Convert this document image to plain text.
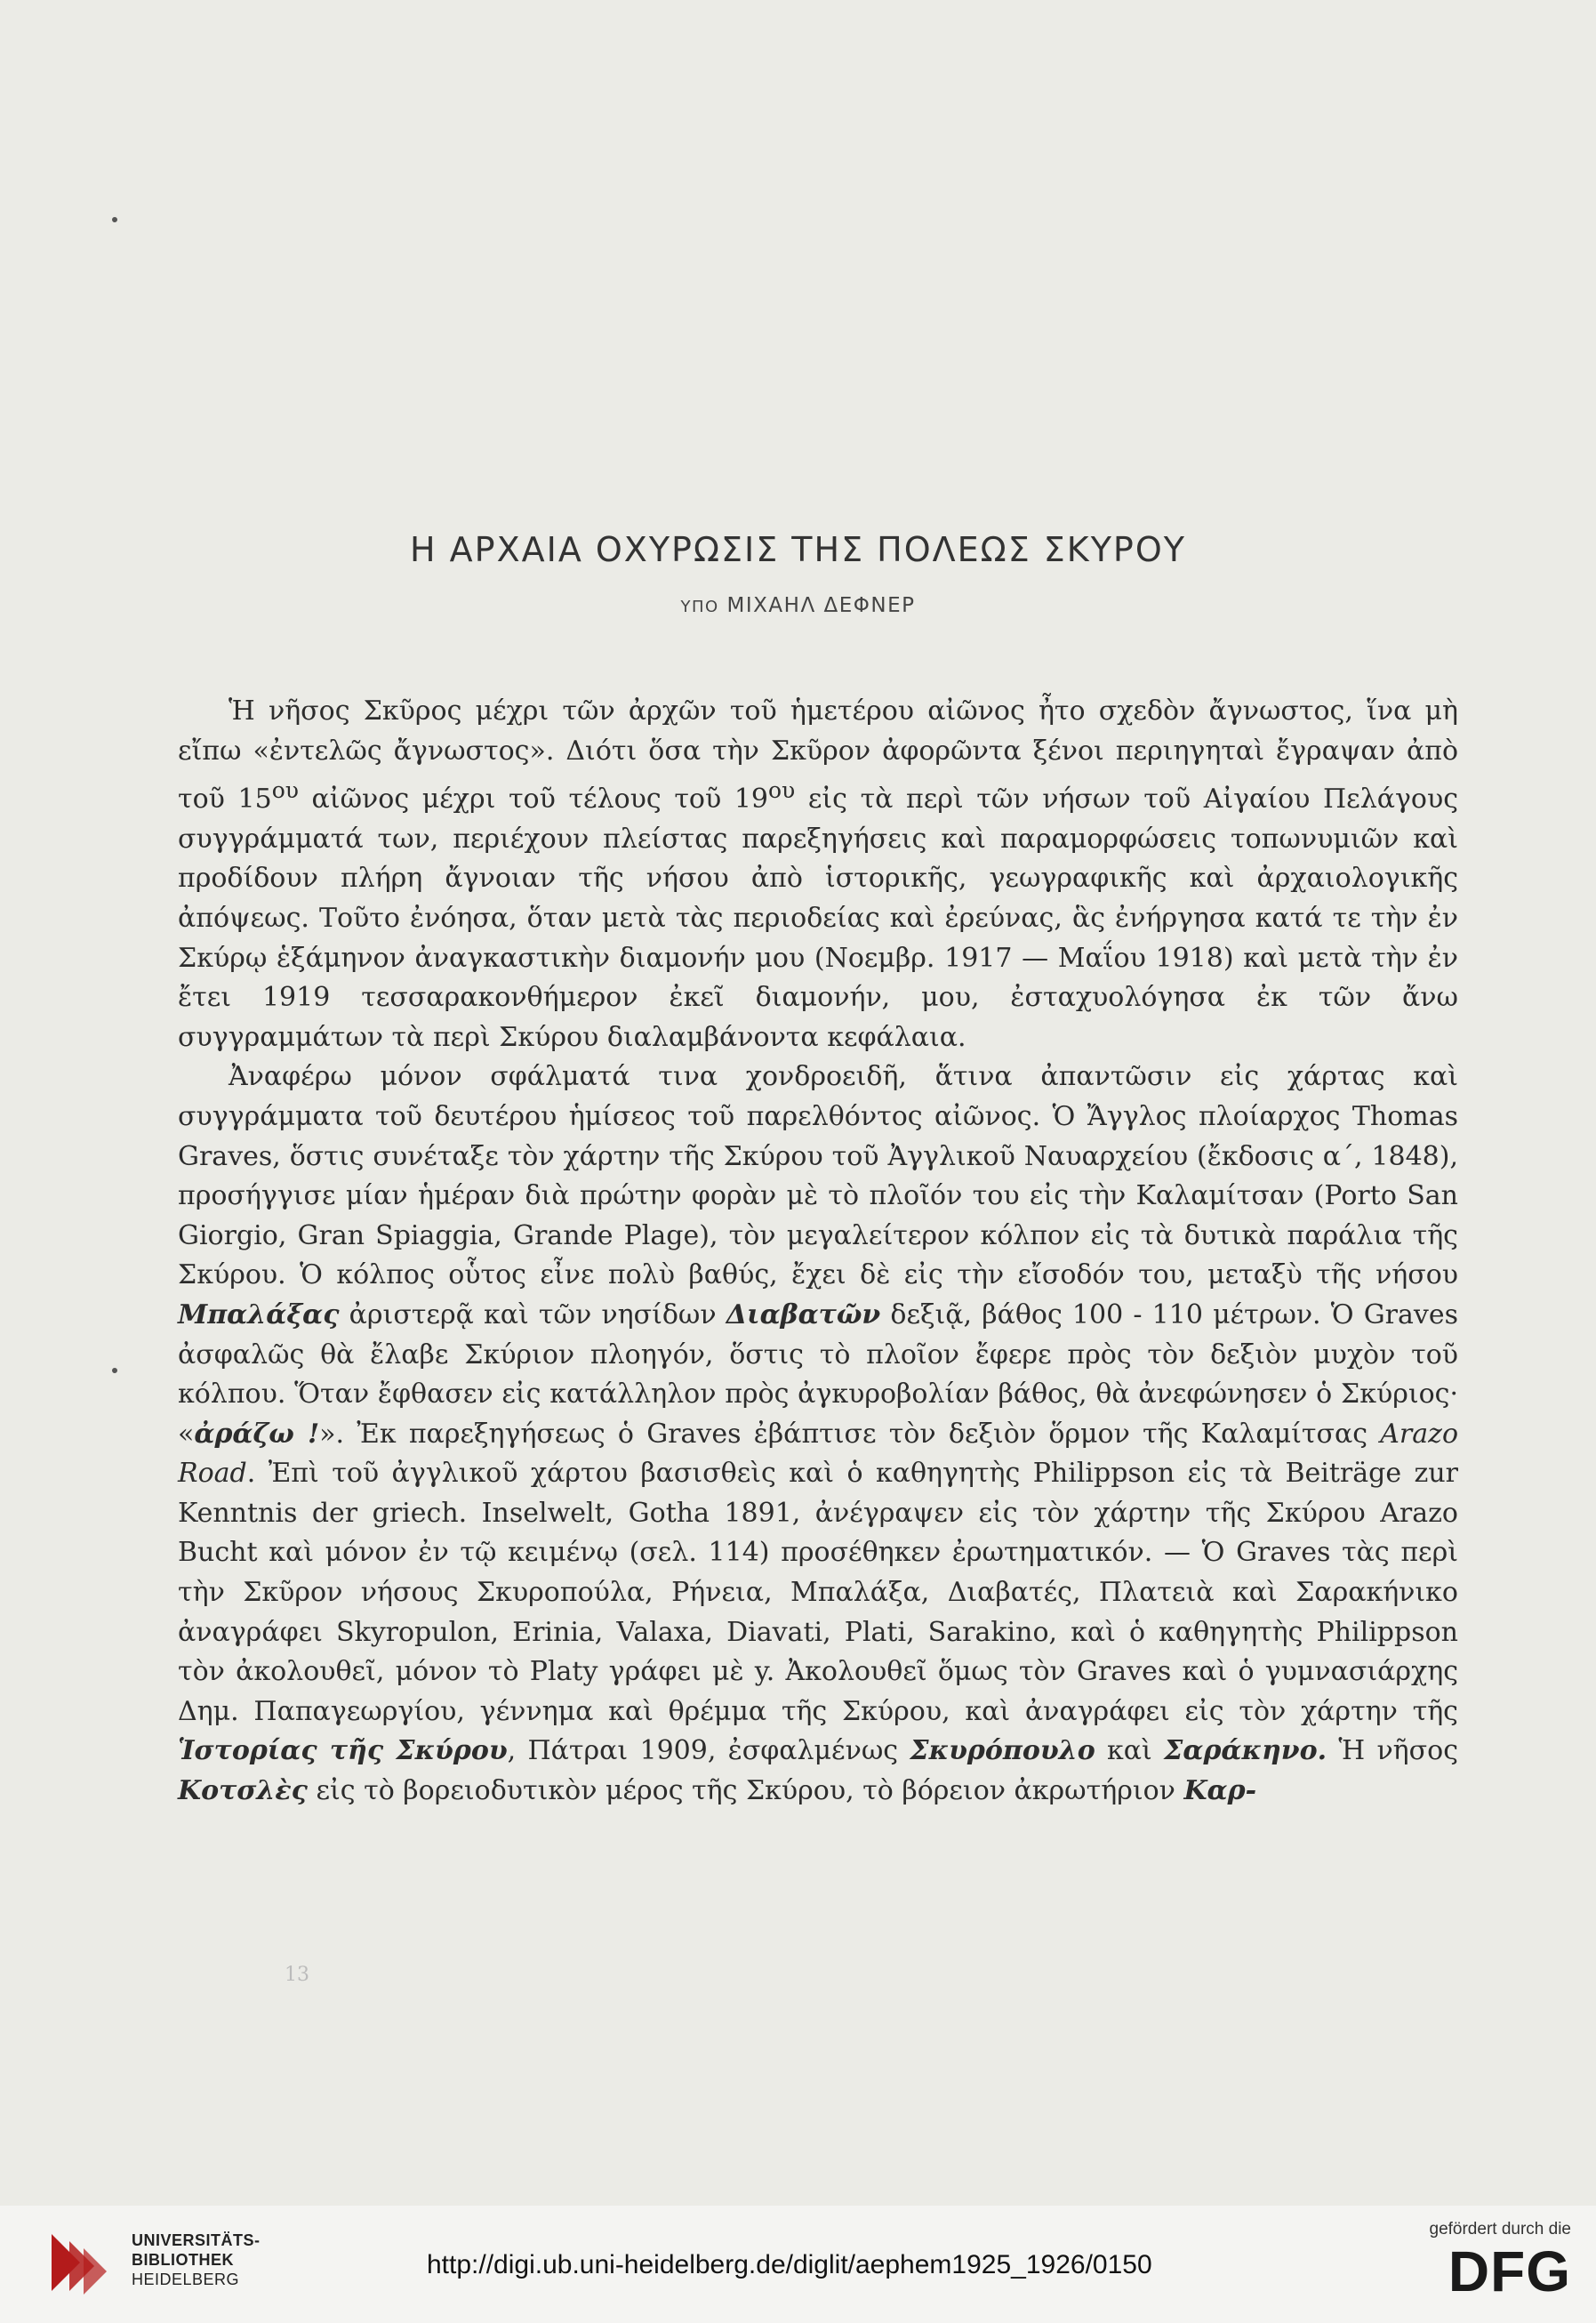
Η ΑΡΧΑΙΑ ΟΧΥΡΩΣΙΣ ΤΗΣ ΠΟΛΕΩΣ ΣΚΥΡΟΥ
ΥΠΟ ΜΙΧΑΗΛ ΔΕΦΝΕΡ

Ἡ νῆσος Σκῦρος μέχρι τῶν ἀρχῶν τοῦ ἡμετέρου αἰῶνος ἦτο σχεδὸν ἄγνωστος, ἵνα μὴ εἴπω «ἐντελῶς ἄγνωστος». Διότι ὅσα τὴν Σκῦρον ἀφορῶντα ξένοι περιηγηταὶ ἔγραψαν ἀπὸ τοῦ $15^{o\upsilon}$ αἰῶνος μέχρι τοῦ τέλους τοῦ $19^{o\upsilon}$ εἰς τὰ περὶ τῶν νήσων τοῦ Αἰγαίου Πελάγους συγγράμματά των, περιέχουν πλείστας παρεξηγήσεις καὶ παραμορφώσεις τοπωνυμιῶν καὶ προδίδουν πλήρη ἄγνοιαν τῆς νήσου ἀπὸ ἱστορικῆς, γεωγραφικῆς καὶ ἀρχαιολογικῆς ἀπόψεως. Τοῦτο ἐνόησα, ὅταν μετὰ τὰς περιοδείας καὶ ἐρεύνας, ἃς ἐνήργησα κατά τε τὴν ἐν Σκύρῳ ἑξάμηνον ἀναγκαστικὴν διαμονήν μου (Νοεμβρ. 1917 — Μαΐου 1918) καὶ μετὰ τὴν ἐν ἔτει 1919 τεσσαρακονθήμερον ἐκεῖ διαμονήν, μου, ἐσταχυολόγησα ἐκ τῶν ἄνω συγγραμμάτων τὰ περὶ Σκύρου διαλαμβάνοντα κεφάλαια.

Ἀναφέρω μόνον σφάλματά τινα χονδροειδῆ, ἅτινα ἀπαντῶσιν εἰς χάρτας καὶ συγγράμματα τοῦ δευτέρου ἡμίσεος τοῦ παρελθόντος αἰῶνος. Ὁ Ἄγγλος πλοίαρχος Thomas Graves, ὅστις συνέταξε τὸν χάρτην τῆς Σκύρου τοῦ Ἀγγλικοῦ Ναυαρχείου (ἔκδοσις α΄, 1848), προσήγγισε μίαν ἡμέραν διὰ πρώτην φορὰν μὲ τὸ πλοῖόν του εἰς τὴν Καλαμίτσαν (Porto San Giorgio, Gran Spiaggia, Grande Plage), τὸν μεγαλείτερον κόλπον εἰς τὰ δυτικὰ παράλια τῆς Σκύρου. Ὁ κόλπος οὗτος εἶνε πολὺ βαθύς, ἔχει δὲ εἰς τὴν εἴσοδόν του, μεταξὺ τῆς νήσου Μπαλάξας ἀριστερᾷ καὶ τῶν νησίδων Διαβατῶν δεξιᾷ, βάθος 100 - 110 μέτρων. Ὁ Graves ἀσφαλῶς θὰ ἔλαβε Σκύριον πλοηγόν, ὅστις τὸ πλοῖον ἔφερε πρὸς τὸν δεξιὸν μυχὸν τοῦ κόλπου. Ὅταν ἔφθασεν εἰς κατάλληλον πρὸς ἀγκυροβολίαν βάθος, θὰ ἀνεφώνησεν ὁ Σκύριος· «ἀράζω !». Ἐκ παρεξηγήσεως ὁ Graves ἐβάπτισε τὸν δεξιὸν ὅρμον τῆς Καλαμίτσας Arazo Road. Ἐπὶ τοῦ ἀγγλικοῦ χάρτου βασισθεὶς καὶ ὁ καθηγητὴς Philippson εἰς τὰ Beiträge zur Kenntnis der griech. Inselwelt, Gotha 1891, ἀνέγραψεν εἰς τὸν χάρτην τῆς Σκύρου Arazo Bucht καὶ μόνον ἐν τῷ κειμένῳ (σελ. 114) προσέθηκεν ἐρωτηματικόν. — Ὁ Graves τὰς περὶ τὴν Σκῦρον νήσους Σκυροπούλα, Ρήνεια, Μπαλάξα, Διαβατές, Πλατειὰ καὶ Σαρακήνικο ἀναγράφει Skyropulon, Erinia, Valaxa, Diavati, Plati, Sarakino, καὶ ὁ καθηγητὴς Philippson τὸν ἀκολουθεῖ, μόνον τὸ Platy γράφει μὲ y. Ἀκολουθεῖ ὅμως τὸν Graves καὶ ὁ γυμνασιάρχης Δημ. Παπαγεωργίου, γέννημα καὶ θρέμμα τῆς Σκύρου, καὶ ἀναγράφει εἰς τὸν χάρτην τῆς Ἱστορίας τῆς Σκύρου, Πάτραι 1909, ἐσφαλμένως Σκυρόπουλο καὶ Σαράκηνο. Ἡ νῆσος Κοτσλὲς εἰς τὸ βορειοδυτικὸν μέρος τῆς Σκύρου, τὸ βόρειον ἀκρωτήριον Καρ-

13
UNIVERSITÄTS-
BIBLIOTHEK
HEIDELBERG	http://digi.ub.uni-heidelberg.de/diglit/aephem1925_1926/0150
gefördert durch die
DFG
